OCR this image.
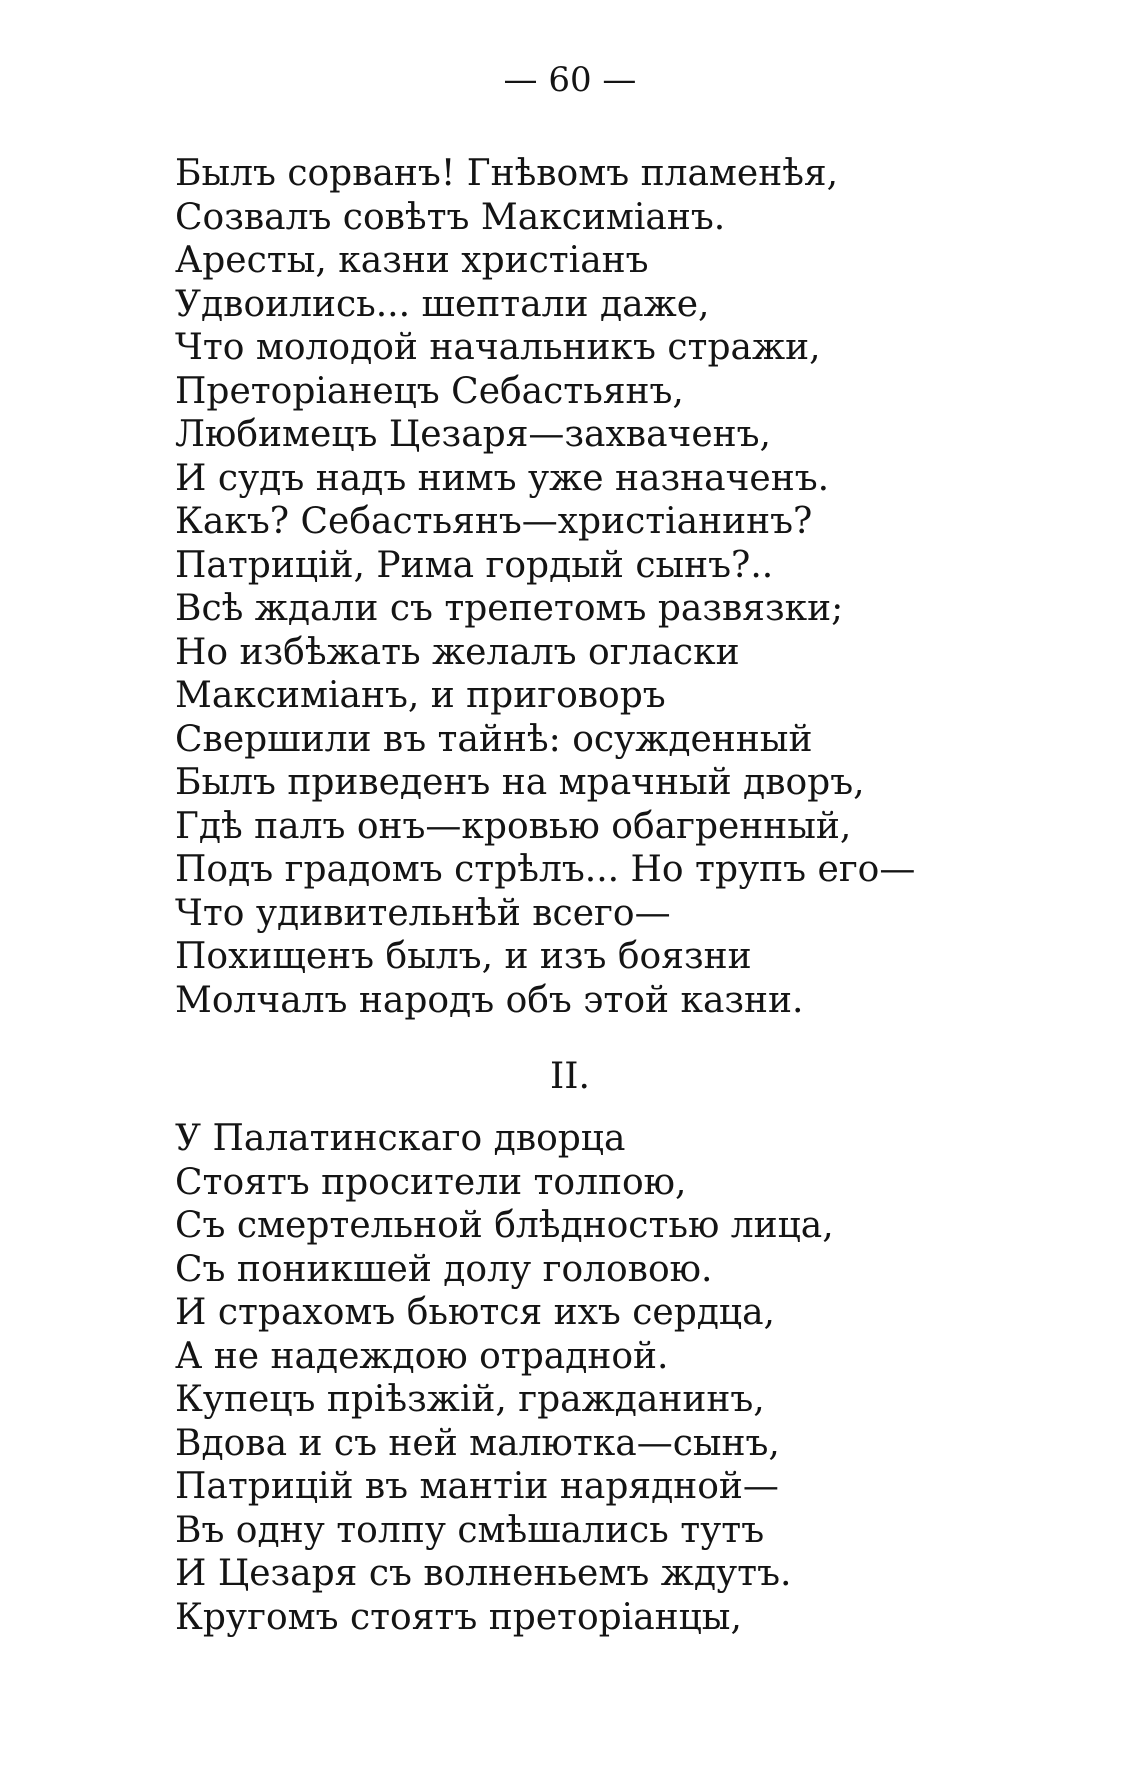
— 60 —
Былъ сорванъ! Гнѣвомъ пламенѣя,
Созвалъ совѣтъ Максиміанъ.
Аресты, казни христіанъ
Удвоились... шептали даже,
Что молодой начальникъ стражи,
Преторіанецъ Себастьянъ,
Любимецъ Цезаря—захваченъ,
И судъ надъ нимъ уже назначенъ.
Какъ? Себастьянъ—христіанинъ?
Патрицій, Рима гордый сынъ?..
Всѣ ждали съ трепетомъ развязки;
Но избѣжать желалъ огласки
Максиміанъ, и приговоръ
Свершили въ тайнѣ: осужденный
Былъ приведенъ на мрачный дворъ,
Гдѣ палъ онъ—кровью обагренный,
Подъ градомъ стрѣлъ... Но трупъ его—
Что удивительнѣй всего—
Похищенъ былъ, и изъ боязни
Молчалъ народъ объ этой казни.
II.
У Палатинскаго дворца
Стоятъ просители толпою,
Съ смертельной блѣдностью лица,
Съ поникшей долу головою.
И страхомъ бьются ихъ сердца,
А не надеждою отрадной.
Купецъ пріѣзжій, гражданинъ,
Вдова и съ ней малютка—сынъ,
Патрицій въ мантіи нарядной—
Въ одну толпу смѣшались тутъ
И Цезаря съ волненьемъ ждутъ.
Кругомъ стоятъ преторіанцы,
